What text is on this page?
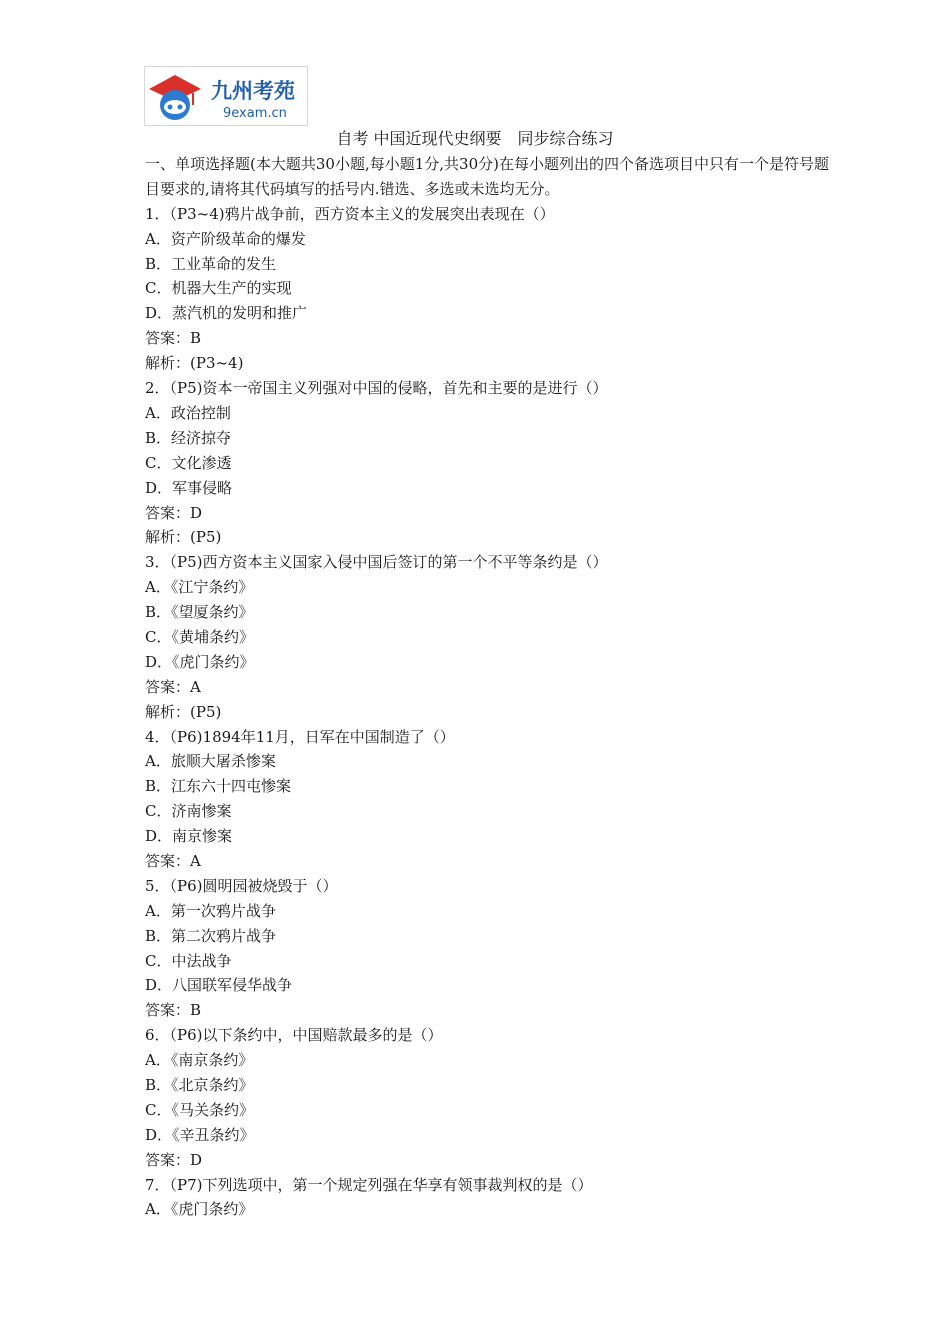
九州考苑
9exam.cn
自考 中国近现代史纲要　同步综合练习
一、单项选择题(本大题共30小题,每小题1分,共30分)在每小题列出的四个备选项目中只有一个是符号题目要求的,请将其代码填写的括号内.错选、多选或未选均无分。
1．（P3~4)鸦片战争前，西方资本主义的发展突出表现在（）
A．资产阶级革命的爆发
B．工业革命的发生
C．机器大生产的实现
D．蒸汽机的发明和推广
答案：B
解析：(P3~4)
2．（P5)资本一帝国主义列强对中国的侵略，首先和主要的是进行（）
A．政治控制
B．经济掠夺
C．文化渗透
D．军事侵略
答案：D
解析：(P5)
3．（P5)西方资本主义国家入侵中国后签订的第一个不平等条约是（）
A．《江宁条约》
B．《望厦条约》
C．《黄埔条约》
D．《虎门条约》
答案：A
解析：(P5)
4．（P6)1894年11月，日军在中国制造了（）
A．旅顺大屠杀惨案
B．江东六十四屯惨案
C．济南惨案
D．南京惨案
答案：A
5．（P6)圆明园被烧毁于（）
A．第一次鸦片战争
B．第二次鸦片战争
C．中法战争
D．八国联军侵华战争
答案：B
6．（P6)以下条约中，中国赔款最多的是（）
A．《南京条约》
B．《北京条约》
C．《马关条约》
D．《辛丑条约》
答案：D
7．（P7)下列选项中，第一个规定列强在华享有领事裁判权的是（）
A．《虎门条约》
